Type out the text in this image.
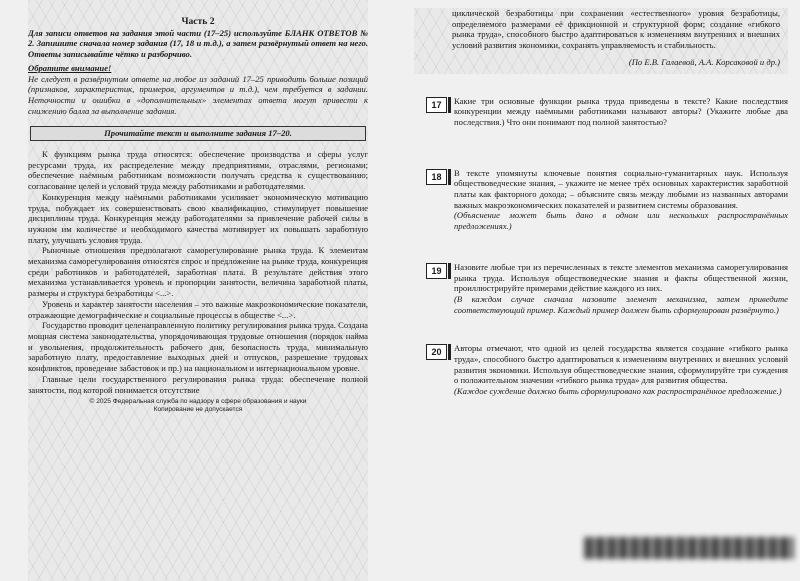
Часть 2

Для записи ответов на задания этой части (17–25) используйте БЛАНК ОТВЕТОВ № 2. Запишите сначала номер задания (17, 18 и т.д.), а затем развёрнутый ответ на него. Ответы записывайте чётко и разборчиво.

Обратите внимание!

Не следует в развёрнутом ответе на любое из заданий 17–25 приводить больше позиций (признаков, характеристик, примеров, аргументов и т.д.), чем требуется в задании. Неточности и ошибки в «дополнительных» элементах ответа могут привести к снижению балла за выполнение задания.

Прочитайте текст и выполните задания 17–20.

К функциям рынка труда относятся: обеспечение производства и сферы услуг ресурсами труда, их распределение между предприятиями, отраслями, регионами; обеспечение наёмным работникам возможности получать средства к существованию; согласование целей и условий труда между работниками и работодателями.

Конкуренция между наёмными работниками усиливает экономическую мотивацию труда, побуждает их совершенствовать свою квалификацию, стимулирует повышение дисциплины труда. Конкуренция между работодателями за привлечение рабочей силы в нужном им количестве и необходимого качества мотивирует их повышать заработную плату, улучшать условия труда.

Рыночные отношения предполагают саморегулирование рынка труда. К элементам механизма саморегулирования относятся спрос и предложение на рынке труда, конкуренция среди работников и работодателей, заработная плата. В результате действия этого механизма устанавливается уровень и пропорции занятости, величина заработной платы, размеры и структура безработицы <...>.

Уровень и характер занятости населения – это важные макроэкономические показатели, отражающие демографические и социальные процессы в обществе <...>.

Государство проводит целенаправленную политику регулирования рынка труда. Создана мощная система законодательства, упорядочивающая трудовые отношения (порядок найма и увольнения, продолжительность рабочего дня, безопасность труда, минимальную заработную плату, предоставление выходных дней и отпусков, разрешение трудовых конфликтов, проведение забастовок и пр.) на национальном и интернациональном уровне.

Главные цели государственного регулирования рынка труда: обеспечение полной занятости, под которой понимается отсутствие

© 2025 Федеральная служба по надзору в сфере образования и науки
Копирование не допускается

циклической безработицы при сохранении «естественного» уровня безработицы, определяемого размерами её фрикционной и структурной форм; создание «гибкого рынка труда», способного быстро адаптироваться к изменениям внутренних и внешних условий развития экономики, сохранять управляемость и стабильность.

(По Е.В. Галаевой, А.А. Корсаковой и др.)

17	Какие три основные функции рынка труда приведены в тексте? Какие последствия конкуренции между наёмными работниками называют авторы? (Укажите любые два последствия.) Что они понимают под полной занятостью?

18	В тексте упомянуты ключевые понятия социально-гуманитарных наук. Используя обществоведческие знания, – укажите не менее трёх основных характеристик заработной платы как факторного дохода; – объясните связь между любыми из названных авторами важных макроэкономических показателей и развитием системы образования.

(Объяснение может быть дано в одном или нескольких распространённых предложениях.)

19	Назовите любые три из перечисленных в тексте элементов механизма саморегулирования рынка труда. Используя обществоведческие знания и факты общественной жизни, проиллюстрируйте примерами действие каждого из них.

(В каждом случае сначала назовите элемент механизма, затем приведите соответствующий пример. Каждый пример должен быть сформулирован развёрнуто.)

20	Авторы отмечают, что одной из целей государства является создание «гибкого рынка труда», способного быстро адаптироваться к изменениям внутренних и внешних условий развития экономики. Используя обществоведческие знания, сформулируйте три суждения о положительном значении «гибкого рынка труда» для развития общества.

(Каждое суждение должно быть сформулировано как распространённое предложение.)
